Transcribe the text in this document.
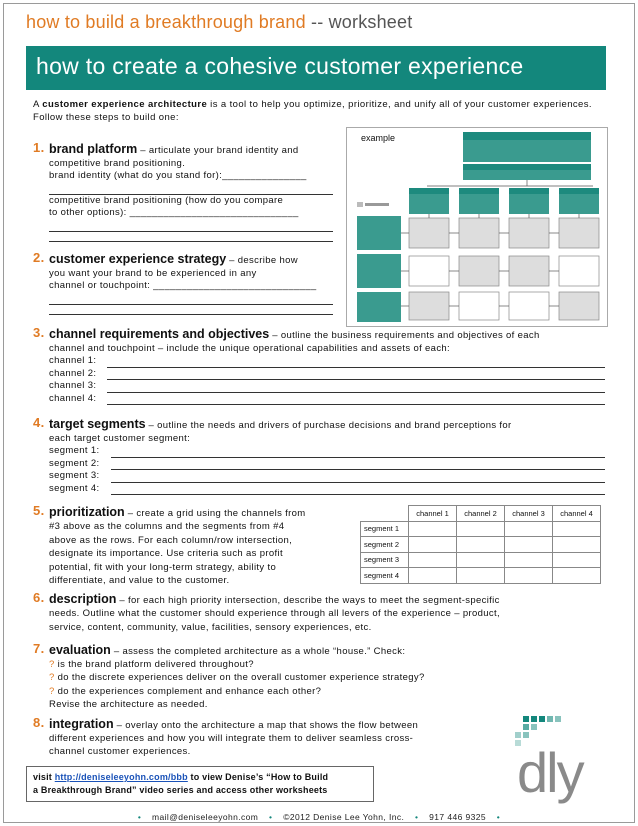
how to build a breakthrough brand -- worksheet
how to create a cohesive customer experience
A customer experience architecture is a tool to help you optimize, prioritize, and unify all of your customer experiences. Follow these steps to build one:
example
1. brand platform – articulate your brand identity and
competitive brand positioning.
brand identity (what do you stand for):_______________
competitive brand positioning (how do you compare
to other options): ______________________________
2. customer experience strategy – describe how
you want your brand to be experienced in any
channel or touchpoint: _____________________________
3. channel requirements and objectives – outline the business requirements and objectives of each
channel and touchpoint – include the unique operational capabilities and assets of each:
channel 1:
channel 2:
channel 3:
channel 4:
4. target segments – outline the needs and drivers of purchase decisions and brand perceptions for
each target customer segment:
segment 1:
segment 2:
segment 3:
segment 4:
5. prioritization – create a grid using the channels from
#3 above as the columns and the segments from #4
above as the rows. For each column/row intersection,
designate its importance. Use criteria such as profit
potential, fit with your long-term strategy, ability to
differentiate, and value to the customer.
	channel 1	channel 2	channel 3	channel 4
segment 1				
segment 2				
segment 3				
segment 4				
6. description – for each high priority intersection, describe the ways to meet the segment-specific
needs. Outline what the customer should experience through all levers of the experience – product,
service, content, community, value, facilities, sensory experiences, etc.
7. evaluation – assess the completed architecture as a whole “house.” Check:
? is the brand platform delivered throughout?
? do the discrete experiences deliver on the overall customer experience strategy?
? do the experiences complement and enhance each other?
Revise the architecture as needed.
8. integration – overlay onto the architecture a map that shows the flow between
different experiences and how you will integrate them to deliver seamless cross-
channel customer experiences.
visit http://deniseleeyohn.com/bbb to view Denise’s “How to Build
a Breakthrough Brand” video series and access other worksheets	dly
• mail@deniseleeyohn.com • ©2012 Denise Lee Yohn, Inc. • 917 446 9325 •
